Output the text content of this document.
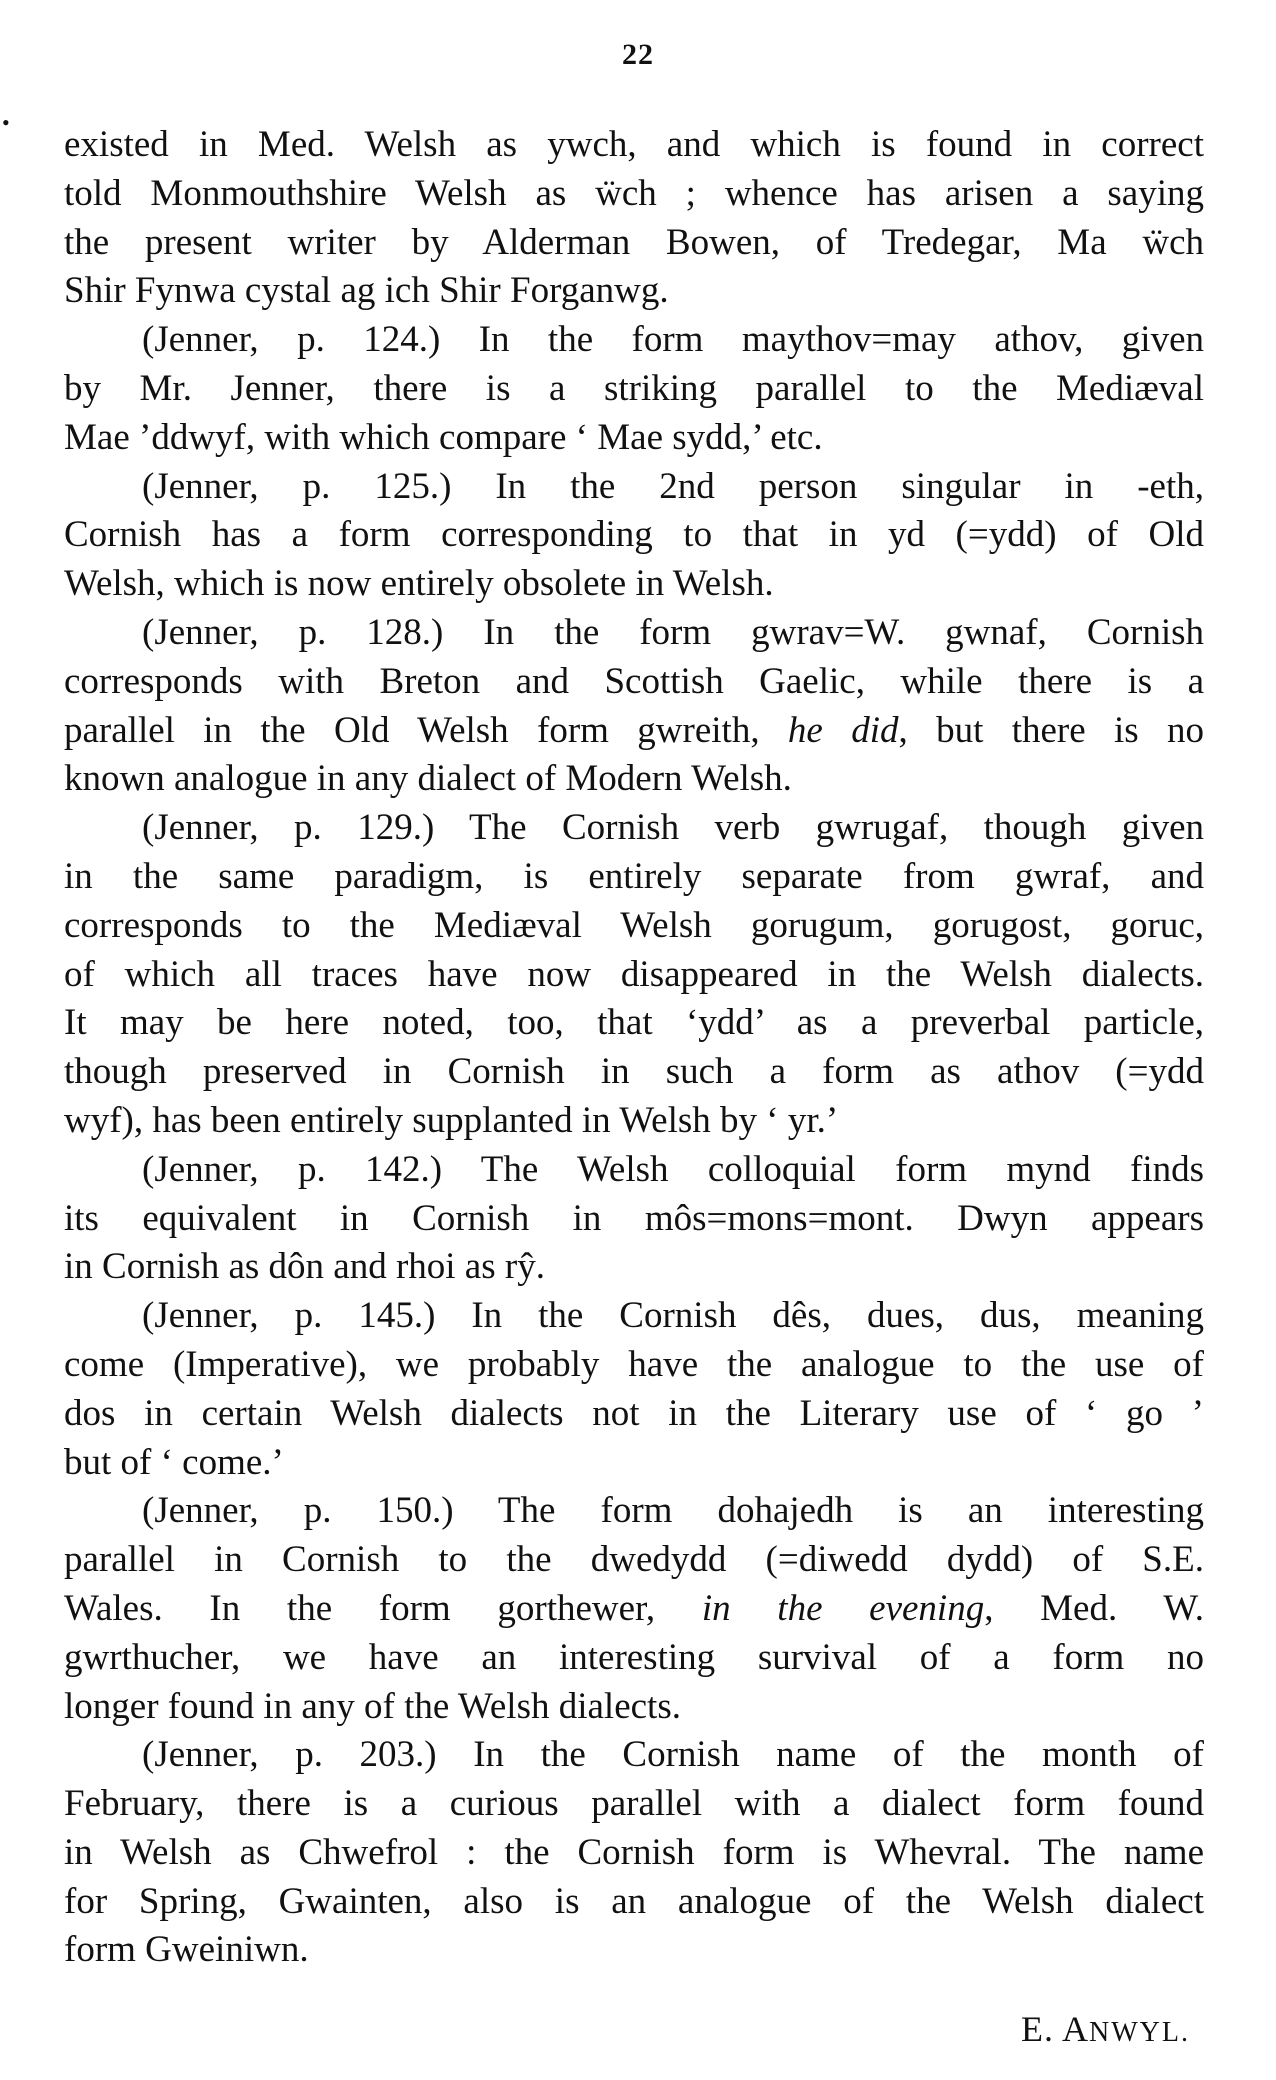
22
•
existed in Med. Welsh as ywch, and which is found in correct
told Monmouthshire Welsh as ẅch ; whence has arisen a saying
the present writer by Alderman Bowen, of Tredegar, Ma ẅch
Shir Fynwa cystal ag ich Shir Forganwg.
(Jenner, p. 124.) In the form maythov=may athov, given
by Mr. Jenner, there is a striking parallel to the Mediæval
Mae ’ddwyf, with which compare ‘ Mae sydd,’ etc.
(Jenner, p. 125.) In the 2nd person singular in -eth,
Cornish has a form corresponding to that in yd (=ydd) of Old
Welsh, which is now entirely obsolete in Welsh.
(Jenner, p. 128.) In the form gwrav=W. gwnaf, Cornish
corresponds with Breton and Scottish Gaelic, while there is a
parallel in the Old Welsh form gwreith, he did, but there is no
known analogue in any dialect of Modern Welsh.
(Jenner, p. 129.) The Cornish verb gwrugaf, though given
in the same paradigm, is entirely separate from gwraf, and
corresponds to the Mediæval Welsh gorugum, gorugost, goruc,
of which all traces have now disappeared in the Welsh dialects.
It may be here noted, too, that ‘ydd’ as a preverbal particle,
though preserved in Cornish in such a form as athov (=ydd
wyf), has been entirely supplanted in Welsh by ‘ yr.’
(Jenner, p. 142.) The Welsh colloquial form mynd finds
its equivalent in Cornish in môs=mons=mont. Dwyn appears
in Cornish as dôn and rhoi as rŷ.
(Jenner, p. 145.) In the Cornish dês, dues, dus, meaning
come (Imperative), we probably have the analogue to the use of
dos in certain Welsh dialects not in the Literary use of ‘ go ’
but of ‘ come.’
(Jenner, p. 150.) The form dohajedh is an interesting
parallel in Cornish to the dwedydd (=diwedd dydd) of S.E.
Wales. In the form gorthewer, in the evening, Med. W.
gwrthucher, we have an interesting survival of a form no
longer found in any of the Welsh dialects.
(Jenner, p. 203.) In the Cornish name of the month of
February, there is a curious parallel with a dialect form found
in Welsh as Chwefrol : the Cornish form is Whevral. The name
for Spring, Gwainten, also is an analogue of the Welsh dialect
form Gweiniwn.
E. ANWYL.
